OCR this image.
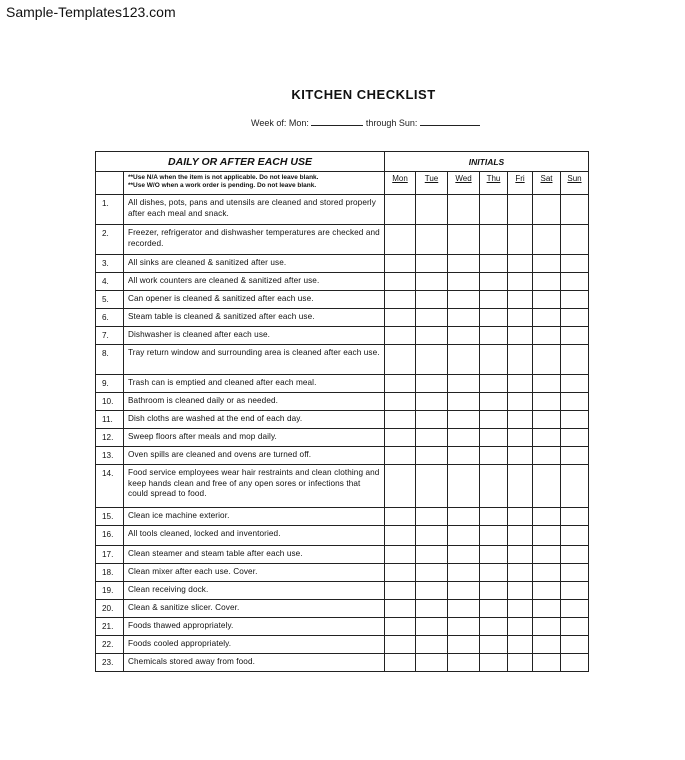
Sample-Templates123.com
KITCHEN CHECKLIST
Week of: Mon:	through Sun:
DAILY OR AFTER EACH USE		INITIALS						

	**Use N/A when the item is not applicable. Do not leave blank.
**Use W/O when a work order is pending. Do not leave blank.	Mon	Tue	Wed	Thu	Fri	Sat	Sun
1.	All dishes, pots, pans and utensils are cleaned and stored properly after each meal and snack.							
2.	Freezer, refrigerator and dishwasher temperatures are checked and recorded.							
3.	All sinks are cleaned & sanitized after use.							
4.	All work counters are cleaned & sanitized after use.							
5.	Can opener is cleaned & sanitized after each use.							
6.	Steam table is cleaned & sanitized after each use.							
7.	Dishwasher is cleaned after each use.							
8.	Tray return window and surrounding area is cleaned after each use.							
9.	Trash can is emptied and cleaned after each meal.							
10.	Bathroom is cleaned daily or as needed.							
11.	Dish cloths are washed at the end of each day.							
12.	Sweep floors after meals and mop daily.							
13.	Oven spills are cleaned and ovens are turned off.							
14.	Food service employees wear hair restraints and clean clothing and keep hands clean and free of any open sores or infections that could spread to food.							
15.	Clean ice machine exterior.							
16.	All tools cleaned, locked and inventoried.							
17.	Clean steamer and steam table after each use.							
18.	Clean mixer after each use. Cover.							
19.	Clean receiving dock.							
20.	Clean & sanitize slicer. Cover.							
21.	Foods thawed appropriately.							
22.	Foods cooled appropriately.							
23.	Chemicals stored away from food.							
